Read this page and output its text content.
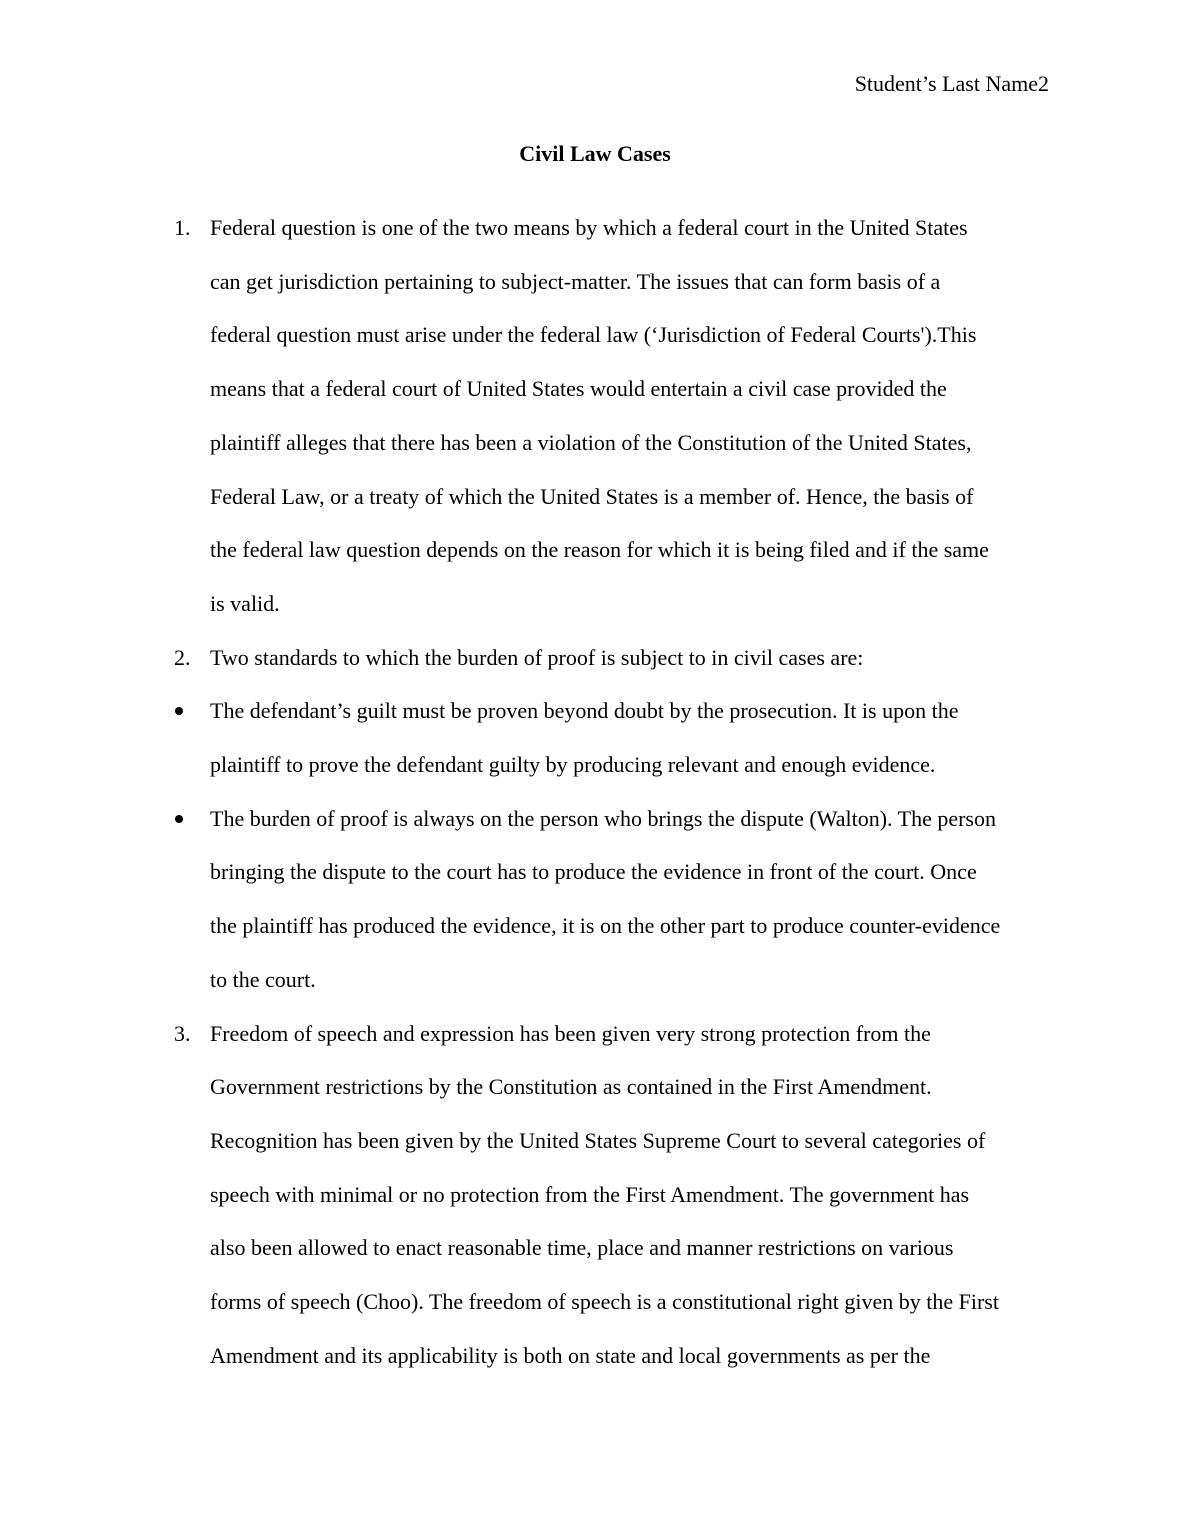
Student’s Last Name2
Civil Law Cases
1. Federal question is one of the two means by which a federal court in the United States
can get jurisdiction pertaining to subject-matter. The issues that can form basis of a
federal question must arise under the federal law (‘Jurisdiction of Federal Courts').This
means that a federal court of United States would entertain a civil case provided the
plaintiff alleges that there has been a violation of the Constitution of the United States,
Federal Law, or a treaty of which the United States is a member of. Hence, the basis of
the federal law question depends on the reason for which it is being filed and if the same
is valid.
2. Two standards to which the burden of proof is subject to in civil cases are:
The defendant’s guilt must be proven beyond doubt by the prosecution. It is upon the
plaintiff to prove the defendant guilty by producing relevant and enough evidence.
The burden of proof is always on the person who brings the dispute (Walton). The person
bringing the dispute to the court has to produce the evidence in front of the court. Once
the plaintiff has produced the evidence, it is on the other part to produce counter-evidence
to the court.
3. Freedom of speech and expression has been given very strong protection from the
Government restrictions by the Constitution as contained in the First Amendment.
Recognition has been given by the United States Supreme Court to several categories of
speech with minimal or no protection from the First Amendment. The government has
also been allowed to enact reasonable time, place and manner restrictions on various
forms of speech (Choo). The freedom of speech is a constitutional right given by the First
Amendment and its applicability is both on state and local governments as per the
